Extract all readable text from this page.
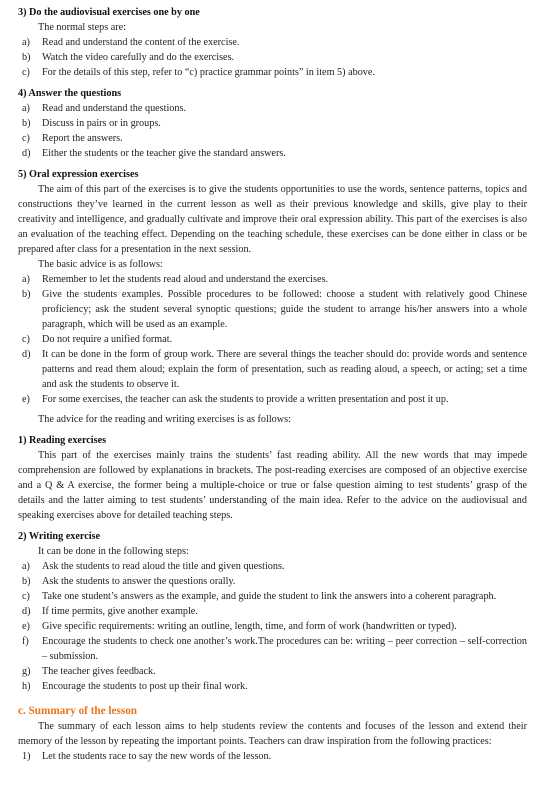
3) Do the audiovisual exercises one by one

The normal steps are:

a) Read and understand the content of the exercise.
b) Watch the video carefully and do the exercises.
c) For the details of this step, refer to “c) practice grammar points” in item 5) above.

4) Answer the questions

a) Read and understand the questions.
b) Discuss in pairs or in groups.
c) Report the answers.
d) Either the students or the teacher give the standard answers.

5) Oral expression exercises

The aim of this part of the exercises is to give the students opportunities to use the words, sentence patterns, topics and constructions they’ve learned in the current lesson as well as their previous knowledge and skills, give play to their creativity and intelligence, and gradually cultivate and improve their oral expression ability. This part of the exercises is also an evaluation of the teaching effect. Depending on the teaching schedule, these exercises can be done either in class or be prepared after class for a presentation in the next session.

The basic advice is as follows:

a) Remember to let the students read aloud and understand the exercises.
b) Give the students examples. Possible procedures to be followed: choose a student with relatively good Chinese proficiency; ask the student several synoptic questions; guide the student to arrange his/her answers into a whole paragraph, which will be used as an example.
c) Do not require a unified format.
d) It can be done in the form of group work. There are several things the teacher should do: provide words and sentence patterns and read them aloud; explain the form of presentation, such as reading aloud, a speech, or acting; set a time and ask the students to observe it.
e) For some exercises, the teacher can ask the students to provide a written presentation and post it up.

The advice for the reading and writing exercises is as follows:

1) Reading exercises

This part of the exercises mainly trains the students’ fast reading ability. All the new words that may impede comprehension are followed by explanations in brackets. The post-reading exercises are composed of an objective exercise and a Q & A exercise, the former being a multiple-choice or true or false question aiming to test students’ grasp of the details and the latter aiming to test students’ understanding of the main idea. Refer to the advice on the audiovisual and speaking exercises above for detailed teaching steps.

2) Writing exercise

It can be done in the following steps:

a) Ask the students to read aloud the title and given questions.
b) Ask the students to answer the questions orally.
c) Take one student’s answers as the example, and guide the student to link the answers into a coherent paragraph.
d) If time permits, give another example.
e) Give specific requirements: writing an outline, length, time, and form of work (handwritten or typed).
f) Encourage the students to check one another’s work.The procedures can be: writing – peer correction – self-correction – submission.
g) The teacher gives feedback.
h) Encourage the students to post up their final work.

c. Summary of the lesson

The summary of each lesson aims to help students review the contents and focuses of the lesson and extend their memory of the lesson by repeating the important points. Teachers can draw inspiration from the following practices:

1) Let the students race to say the new words of the lesson.
